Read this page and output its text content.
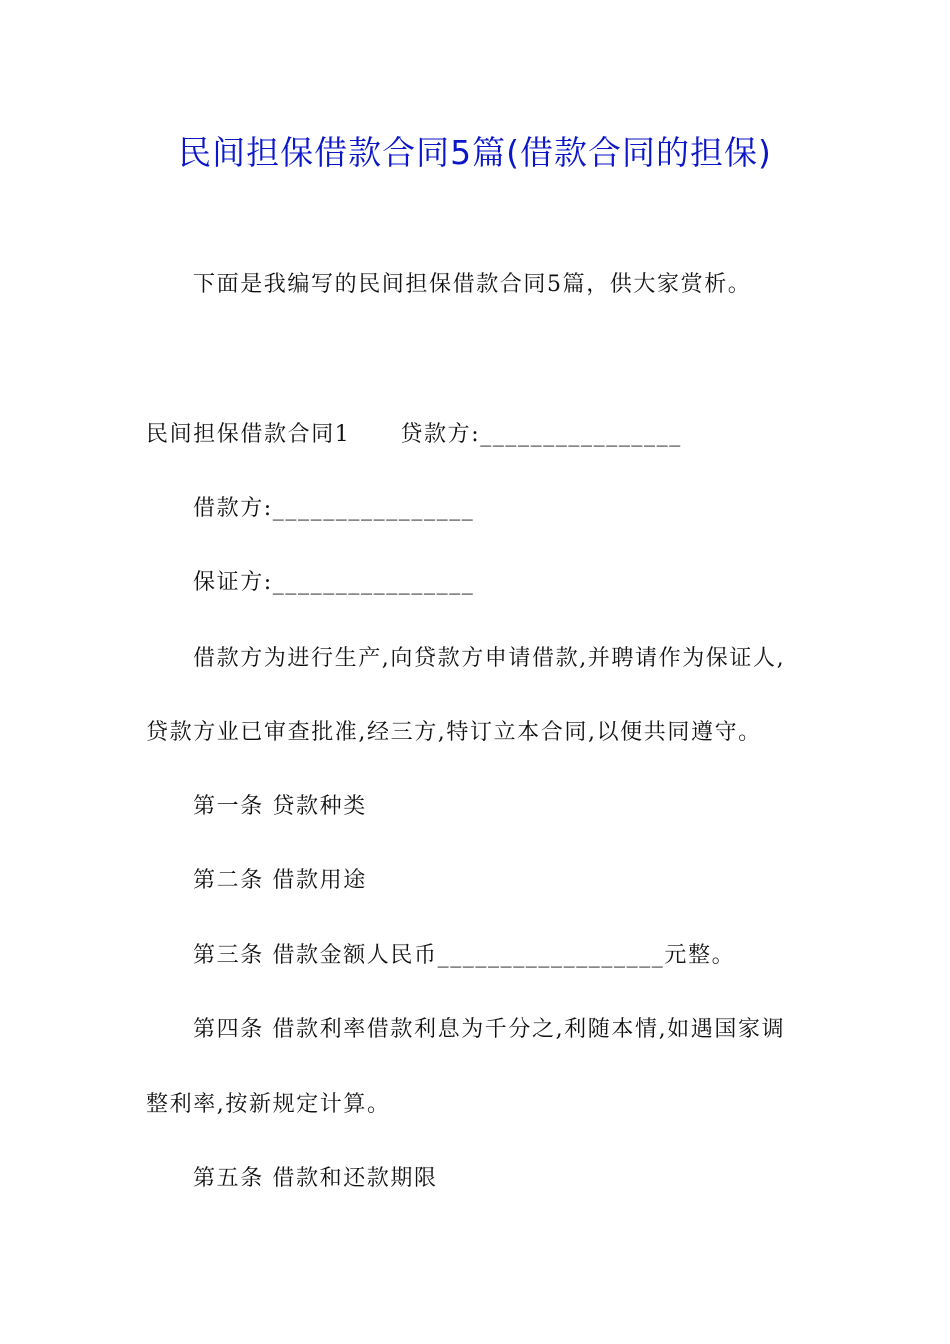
民间担保借款合同5篇(借款合同的担保)
下面是我编写的民间担保借款合同5篇，供大家赏析。
民间担保借款合同1 贷款方:________________
借款方:________________
保证方:________________
借款方为进行生产,向贷款方申请借款,并聘请作为保证人,
贷款方业已审查批准,经三方,特订立本合同,以便共同遵守。
第一条 贷款种类
第二条 借款用途
第三条 借款金额人民币__________________元整。
第四条 借款利率借款利息为千分之,利随本情,如遇国家调
整利率,按新规定计算。
第五条 借款和还款期限
